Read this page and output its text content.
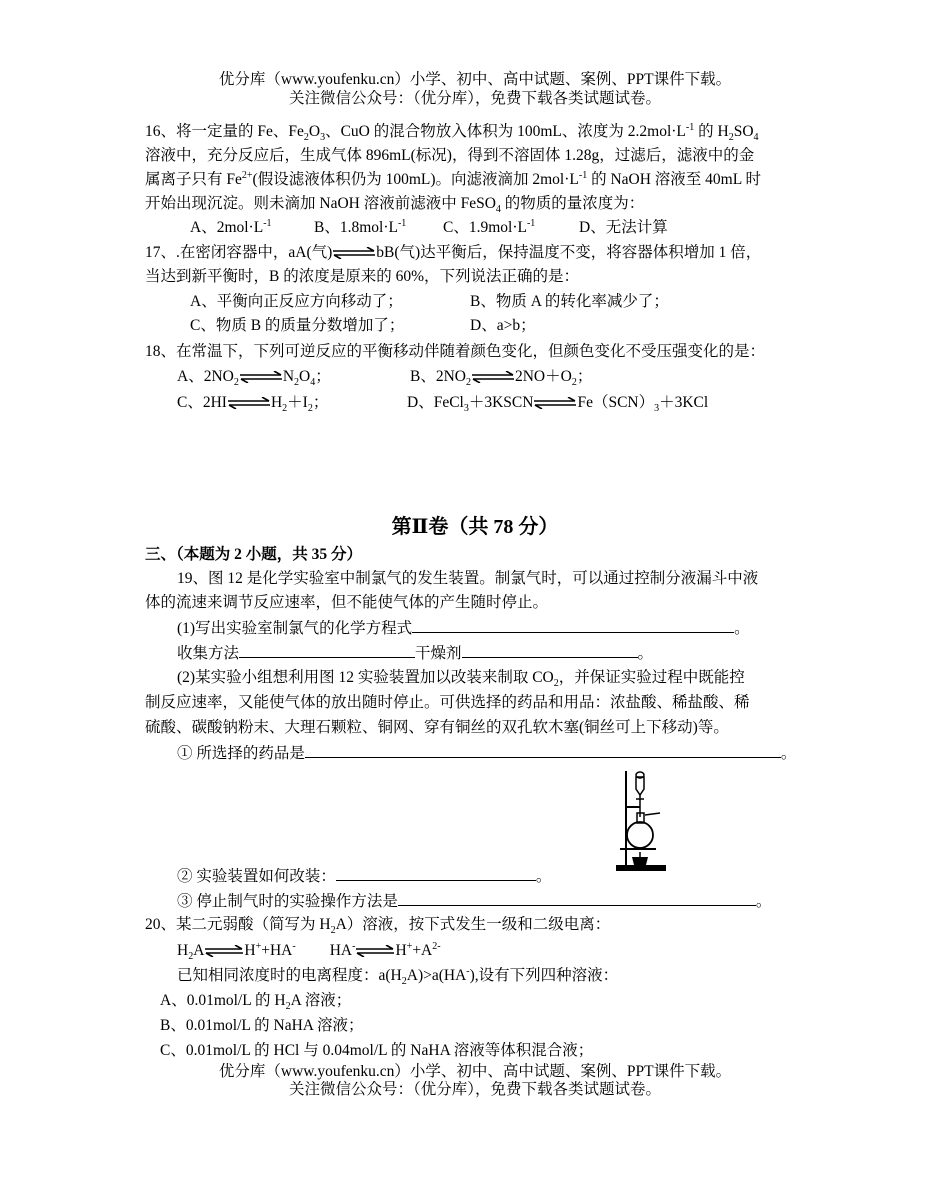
优分库（www.youfenku.cn）小学、初中、高中试题、案例、PPT课件下载。
关注微信公众号：（优分库），免费下载各类试题试卷。
16、将一定量的 Fe、$Fe_2O_3$、CuO 的混合物放入体积为 100mL、浓度为 $2.2mol\cdot L^{-1}$ 的 $H_2SO_4$
溶液中，充分反应后，生成气体 896mL(标况)，得到不溶固体 1.28g，过滤后，滤液中的金
属离子只有 $Fe^{2+}$(假设滤液体积仍为 100mL)。向滤液滴加 $2mol\cdot L^{-1}$ 的 NaOH 溶液至 40mL 时
开始出现沉淀。则未滴加 NaOH 溶液前滤液中 FeSO$_4$ 的物质的量浓度为：
A、$2mol\cdot L^{-1}$	B、$1.8mol\cdot L^{-1}$ C、$1.9mol\cdot L^{-1}$	D、无法计算
17、.在密闭容器中，aA(气)⇌bB(气)达平衡后，保持温度不变，将容器体积增加 1 倍，
当达到新平衡时，B 的浓度是原来的 60%，下列说法正确的是：
A、平衡向正反应方向移动了；	B、物质 A 的转化率减少了；
C、物质 B 的质量分数增加了；	D、a>b；
18、在常温下，下列可逆反应的平衡移动伴随着颜色变化，但颜色变化不受压强变化的是：
A、$2NO_2\rightleftharpoons N_2O_4$；	B、$2NO_2\rightleftharpoons 2NO+O_2$；
C、$2HI\rightleftharpoons H_2+I_2$；	D、$FeCl_3+3KSCN\rightleftharpoons Fe(SCN)_3+3KCl$
第Ⅱ卷（共 78 分）
三、（本题为 2 小题，共 35 分）
19、图 12 是化学实验室中制氯气的发生装置。制氯气时，可以通过控制分液漏斗中液
体的流速来调节反应速率，但不能使气体的产生随时停止。
(1)写出实验室制氯气的化学方程式	。
收集方法	干燥剂	。
(2)某实验小组想利用图 12 实验装置加以改装来制取 $CO_2$，并保证实验过程中既能控
制反应速率，又能使气体的放出随时停止。可供选择的药品和用品：浓盐酸、稀盐酸、稀
硫酸、碳酸钠粉末、大理石颗粒、铜网、穿有铜丝的双孔软木塞(铜丝可上下移动)等。
① 所选择的药品是	。
② 实验装置如何改装：	。
③ 停止制气时的实验操作方法是	。
20、某二元弱酸（简写为 $H_2A$）溶液，按下式发生一级和二级电离：
$H_2A\rightleftharpoons H^++HA^-$ $HA^-\rightleftharpoons H^++A^{2-}$
已知相同浓度时的电离程度：$a(H_2A)>a(HA^-)$,设有下列四种溶液：
A、0.01mol/L 的 $H_2A$ 溶液；
B、0.01mol/L 的 NaHA 溶液；
C、0.01mol/L 的 HCl 与 0.04mol/L 的 NaHA 溶液等体积混合液；
优分库（www.youfenku.cn）小学、初中、高中试题、案例、PPT课件下载。
关注微信公众号：（优分库），免费下载各类试题试卷。
